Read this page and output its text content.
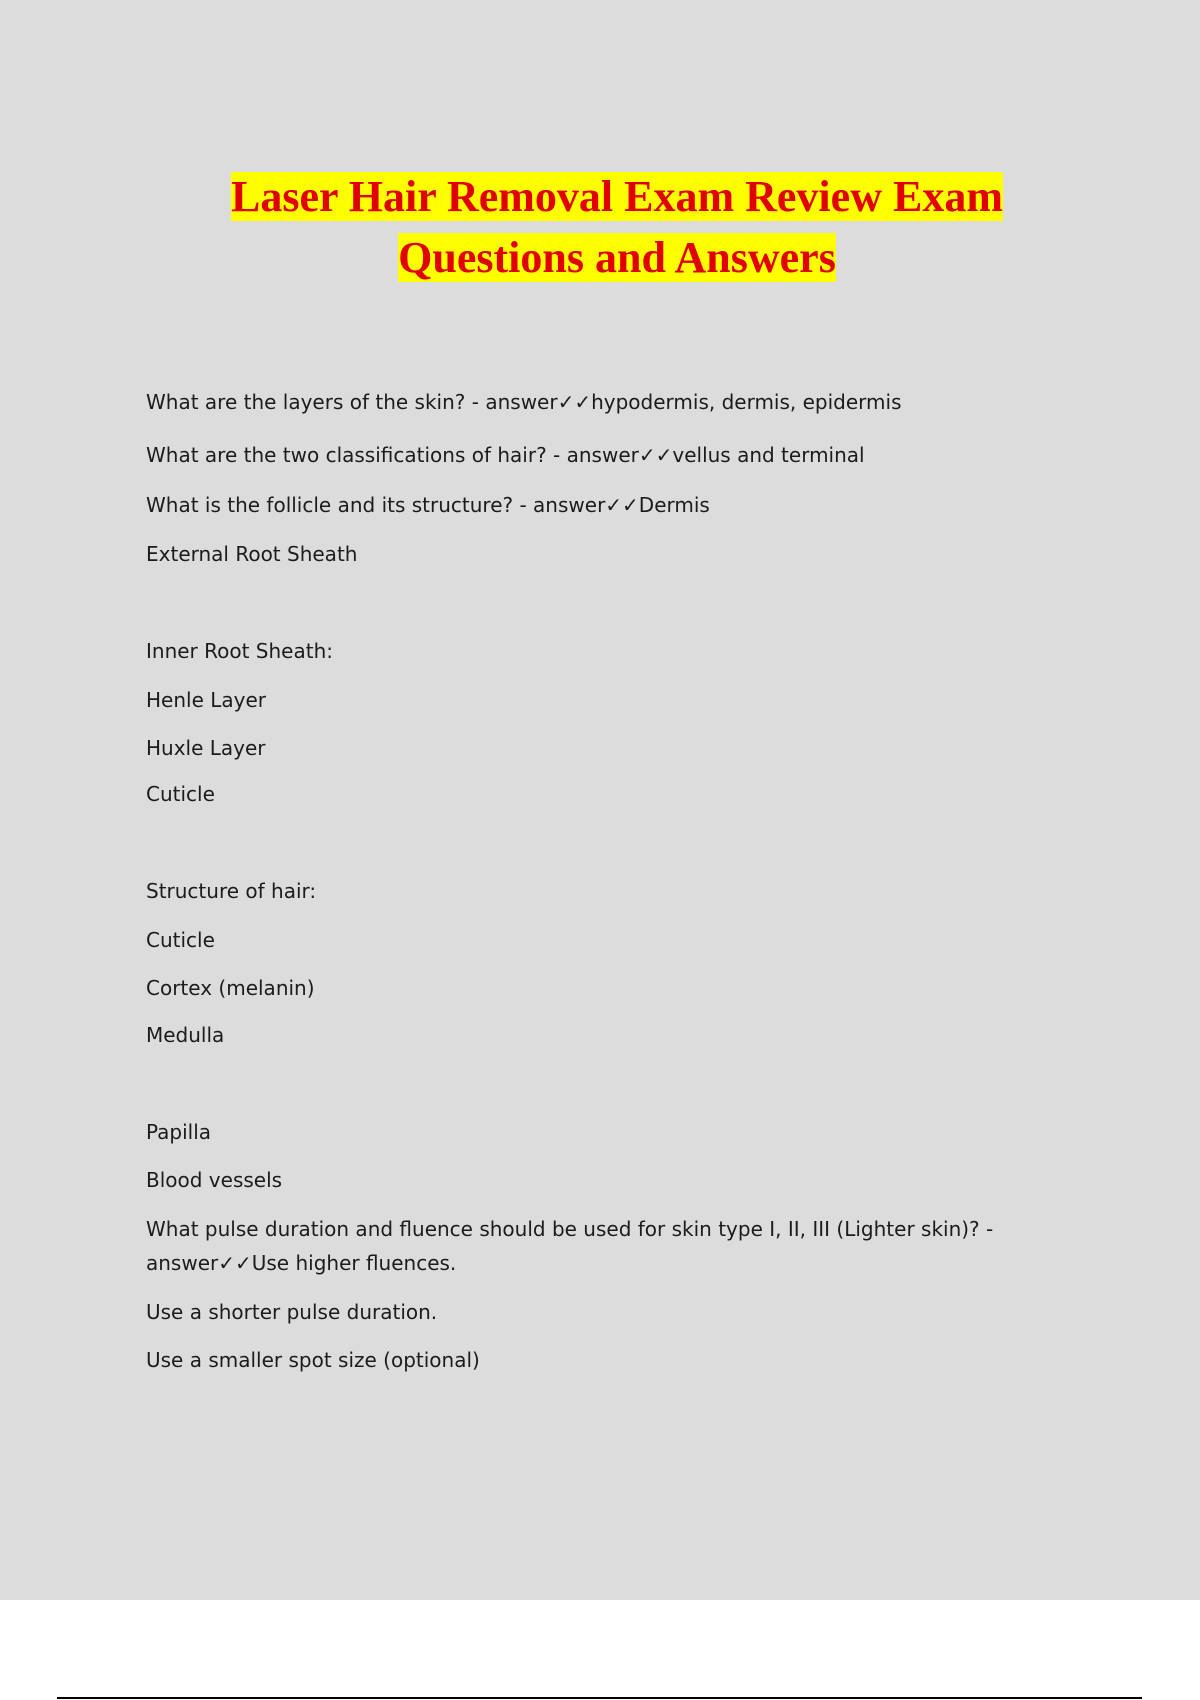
Laser Hair Removal Exam Review Exam
Questions and Answers
What are the layers of the skin? - answer✓✓hypodermis, dermis, epidermis
What are the two classifications of hair? - answer✓✓vellus and terminal
What is the follicle and its structure? - answer✓✓Dermis
External Root Sheath
Inner Root Sheath:
Henle Layer
Huxle Layer
Cuticle
Structure of hair:
Cuticle
Cortex (melanin)
Medulla
Papilla
Blood vessels
What pulse duration and fluence should be used for skin type I, II, III (Lighter skin)? -
answer✓✓Use higher fluences.
Use a shorter pulse duration.
Use a smaller spot size (optional)
